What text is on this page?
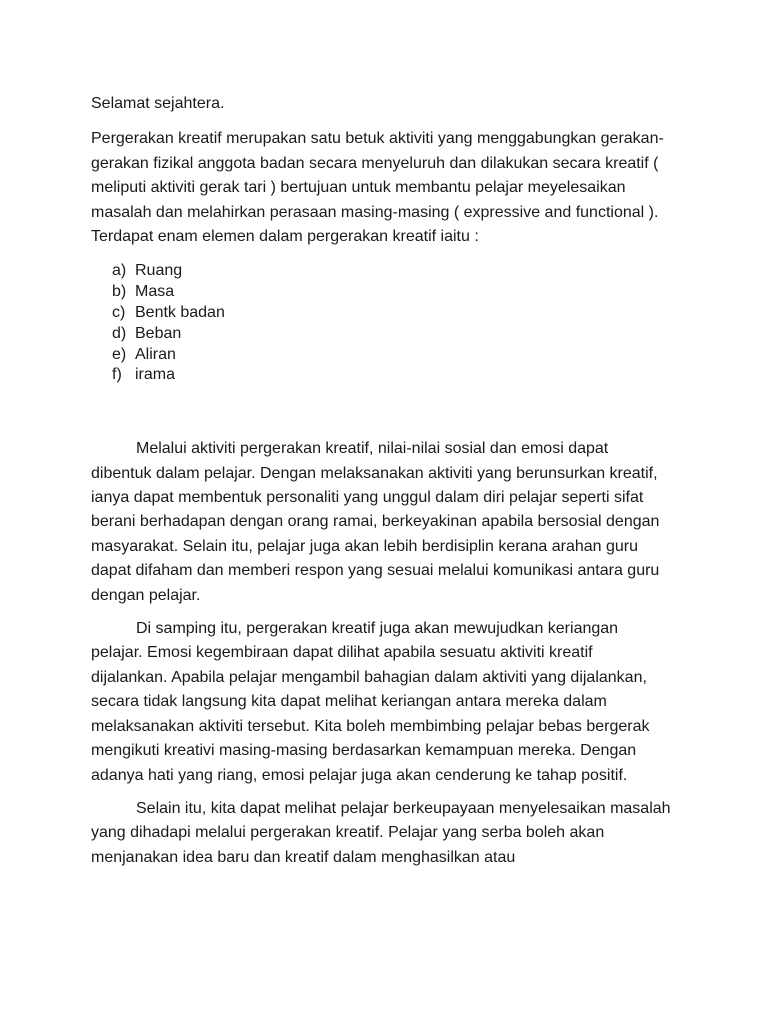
Selamat sejahtera.

Pergerakan kreatif merupakan satu betuk aktiviti yang menggabungkan gerakan-gerakan fizikal anggota badan secara menyeluruh dan dilakukan secara kreatif ( meliputi aktiviti gerak tari ) bertujuan untuk membantu pelajar meyelesaikan masalah dan melahirkan perasaan masing-masing ( expressive and functional ). Terdapat enam elemen dalam pergerakan kreatif iaitu :

a) Ruang
b) Masa
c) Bentk badan
d) Beban
e) Aliran
f) irama

Melalui aktiviti pergerakan kreatif, nilai-nilai sosial dan emosi dapat dibentuk dalam pelajar. Dengan melaksanakan aktiviti yang berunsurkan kreatif, ianya dapat membentuk personaliti yang unggul dalam diri pelajar seperti sifat berani berhadapan dengan orang ramai, berkeyakinan apabila bersosial dengan masyarakat. Selain itu, pelajar juga akan lebih berdisiplin kerana arahan guru dapat difaham dan memberi respon yang sesuai melalui komunikasi antara guru dengan pelajar.

Di samping itu, pergerakan kreatif juga akan mewujudkan keriangan pelajar. Emosi kegembiraan dapat dilihat apabila sesuatu aktiviti kreatif dijalankan. Apabila pelajar mengambil bahagian dalam aktiviti yang dijalankan, secara tidak langsung kita dapat melihat keriangan antara mereka dalam melaksanakan aktiviti tersebut. Kita boleh membimbing pelajar bebas bergerak mengikuti kreativi masing-masing berdasarkan kemampuan mereka. Dengan adanya hati yang riang, emosi pelajar juga akan cenderung ke tahap positif.

Selain itu, kita dapat melihat pelajar berkeupayaan menyelesaikan masalah yang dihadapi melalui pergerakan kreatif. Pelajar yang serba boleh akan menjanakan idea baru dan kreatif dalam menghasilkan atau
